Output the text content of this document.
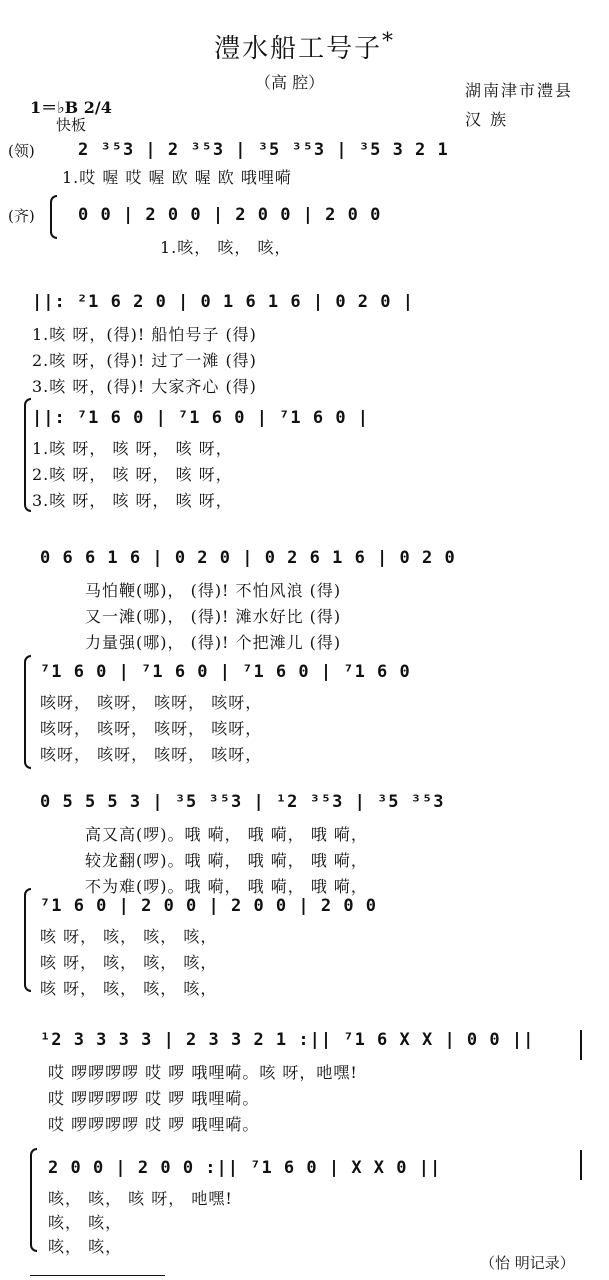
澧水船工号子*
（高 腔）	湖南津市澧县
汉 族
1＝♭B 2/4
快板
(领)
(齐)
2 ³⁵3 | 2 ³⁵3 | ³5 ³⁵3 | ³5 3 2 1
1.哎 喔 哎 喔 欧 喔 欧 哦哩嗬
0 0 | 2 0 0 | 2 0 0 | 2 0 0
1.咳， 咳， 咳，
||: ²1 6 2 0 | 0 1 6 1 6 | 0 2 0 |
1.咳 呀，(得)! 船怕号子 (得)
2.咳 呀，(得)! 过了一滩 (得)
3.咳 呀，(得)! 大家齐心 (得)
||: ⁷1 6 0 | ⁷1 6 0 | ⁷1 6 0 |
1.咳 呀， 咳 呀， 咳 呀，
2.咳 呀， 咳 呀， 咳 呀，
3.咳 呀， 咳 呀， 咳 呀，
0 6 6 1 6 | 0 2 0 | 0 2 6 1 6 | 0 2 0
马怕鞭(哪)， (得)! 不怕风浪 (得)
又一滩(哪)， (得)! 滩水好比 (得)
力量强(哪)， (得)! 个把滩儿 (得)
⁷1 6 0 | ⁷1 6 0 | ⁷1 6 0 | ⁷1 6 0
咳呀， 咳呀， 咳呀， 咳呀，
咳呀， 咳呀， 咳呀， 咳呀，
咳呀， 咳呀， 咳呀， 咳呀，
0 5 5 5 3 | ³5 ³⁵3 | ¹2 ³⁵3 | ³5 ³⁵3
高又高(啰)。哦 嗬， 哦 嗬， 哦 嗬，
较龙翻(啰)。哦 嗬， 哦 嗬， 哦 嗬，
不为难(啰)。哦 嗬， 哦 嗬， 哦 嗬，
⁷1 6 0 | 2 0 0 | 2 0 0 | 2 0 0
咳 呀， 咳， 咳， 咳，
咳 呀， 咳， 咳， 咳，
咳 呀， 咳， 咳， 咳，
¹2 3 3 3 3 | 2 3 3 2 1 :|| ⁷1 6 X X | 0 0 ||
哎 啰啰啰啰 哎 啰 哦哩嗬。咳 呀，吔嘿!
哎 啰啰啰啰 哎 啰 哦哩嗬。
哎 啰啰啰啰 哎 啰 哦哩嗬。
2 0 0 | 2 0 0 :|| ⁷1 6 0 | X X 0 ||
咳， 咳， 咳 呀， 吔嘿!
咳， 咳，
咳， 咳，
（怡 明记录）
